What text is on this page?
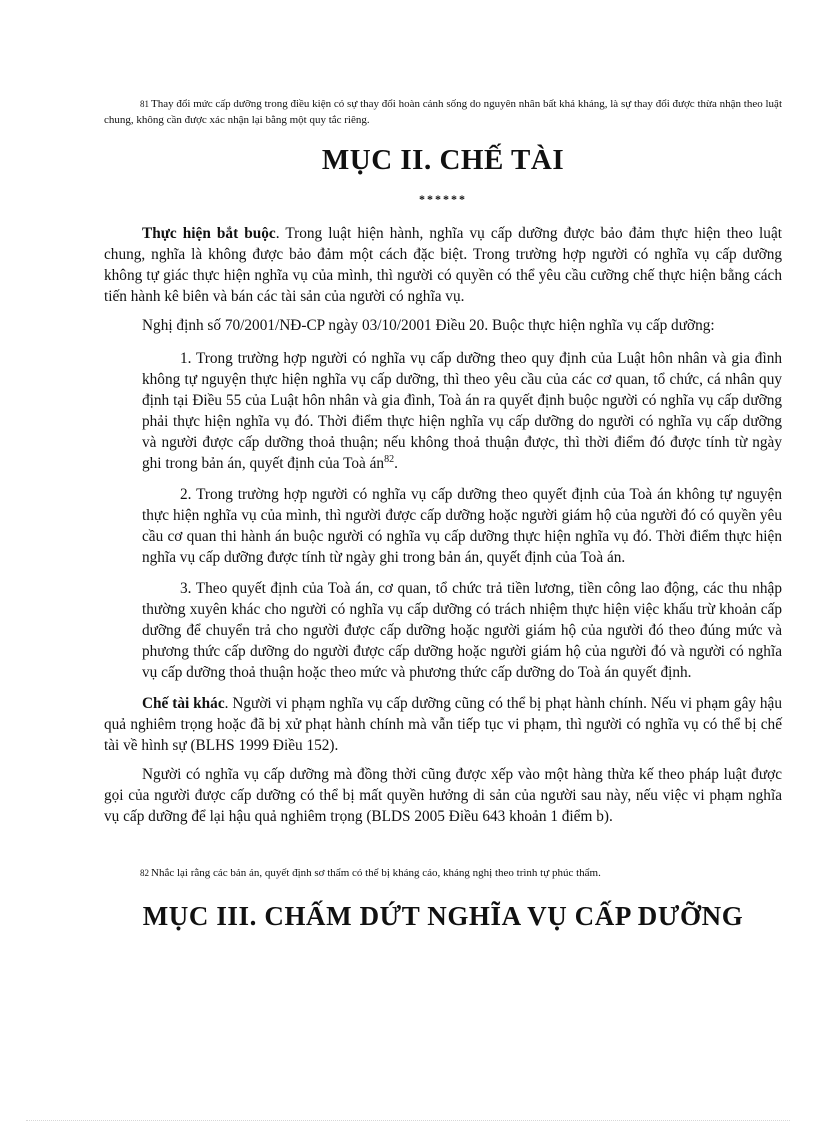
81 Thay đổi mức cấp dưỡng trong điều kiện có sự thay đổi hoàn cảnh sống do nguyên nhân bất khả kháng, là sự thay đổi được thừa nhận theo luật chung, không cần được xác nhận lại bằng một quy tắc riêng.
MỤC II. CHẾ TÀI
******

Thực hiện bắt buộc. Trong luật hiện hành, nghĩa vụ cấp dưỡng được bảo đảm thực hiện theo luật chung, nghĩa là không được bảo đảm một cách đặc biệt. Trong trường hợp người có nghĩa vụ cấp dưỡng không tự giác thực hiện nghĩa vụ của mình, thì người có quyền có thể yêu cầu cưỡng chế thực hiện bằng cách tiến hành kê biên và bán các tài sản của người có nghĩa vụ.

Nghị định số 70/2001/NĐ-CP ngày 03/10/2001 Điều 20. Buộc thực hiện nghĩa vụ cấp dưỡng:

1. Trong trường hợp người có nghĩa vụ cấp dưỡng theo quy định của Luật hôn nhân và gia đình không tự nguyện thực hiện nghĩa vụ cấp dưỡng, thì theo yêu cầu của các cơ quan, tổ chức, cá nhân quy định tại Điều 55 của Luật hôn nhân và gia đình, Toà án ra quyết định buộc người có nghĩa vụ cấp dưỡng phải thực hiện nghĩa vụ đó. Thời điểm thực hiện nghĩa vụ cấp dưỡng do người có nghĩa vụ cấp dưỡng và người được cấp dưỡng thoả thuận; nếu không thoả thuận được, thì thời điểm đó được tính từ ngày ghi trong bản án, quyết định của Toà $án^{82}$.

2. Trong trường hợp người có nghĩa vụ cấp dưỡng theo quyết định của Toà án không tự nguyện thực hiện nghĩa vụ của mình, thì người được cấp dưỡng hoặc người giám hộ của người đó có quyền yêu cầu cơ quan thi hành án buộc người có nghĩa vụ cấp dưỡng thực hiện nghĩa vụ đó. Thời điểm thực hiện nghĩa vụ cấp dưỡng được tính từ ngày ghi trong bản án, quyết định của Toà án.

3. Theo quyết định của Toà án, cơ quan, tổ chức trả tiền lương, tiền công lao động, các thu nhập thường xuyên khác cho người có nghĩa vụ cấp dưỡng có trách nhiệm thực hiện việc khấu trừ khoản cấp dưỡng để chuyển trả cho người được cấp dưỡng hoặc người giám hộ của người đó theo đúng mức và phương thức cấp dưỡng do người được cấp dưỡng hoặc người giám hộ của người đó và người có nghĩa vụ cấp dưỡng thoả thuận hoặc theo mức và phương thức cấp dưỡng do Toà án quyết định.

Chế tài khác. Người vi phạm nghĩa vụ cấp dưỡng cũng có thể bị phạt hành chính. Nếu vi phạm gây hậu quả nghiêm trọng hoặc đã bị xử phạt hành chính mà vẫn tiếp tục vi phạm, thì người có nghĩa vụ có thể bị chế tài về hình sự (BLHS 1999 Điều 152).

Người có nghĩa vụ cấp dưỡng mà đồng thời cũng được xếp vào một hàng thừa kế theo pháp luật được gọi của người được cấp dưỡng có thể bị mất quyền hưởng di sản của người sau này, nếu việc vi phạm nghĩa vụ cấp dưỡng để lại hậu quả nghiêm trọng (BLDS 2005 Điều 643 khoản 1 điểm b).

82 Nhắc lại rằng các bản án, quyết định sơ thẩm có thể bị kháng cáo, kháng nghị theo trình tự phúc thẩm.
MỤC III. CHẤM DỨT NGHĨA VỤ CẤP DƯỠNG
